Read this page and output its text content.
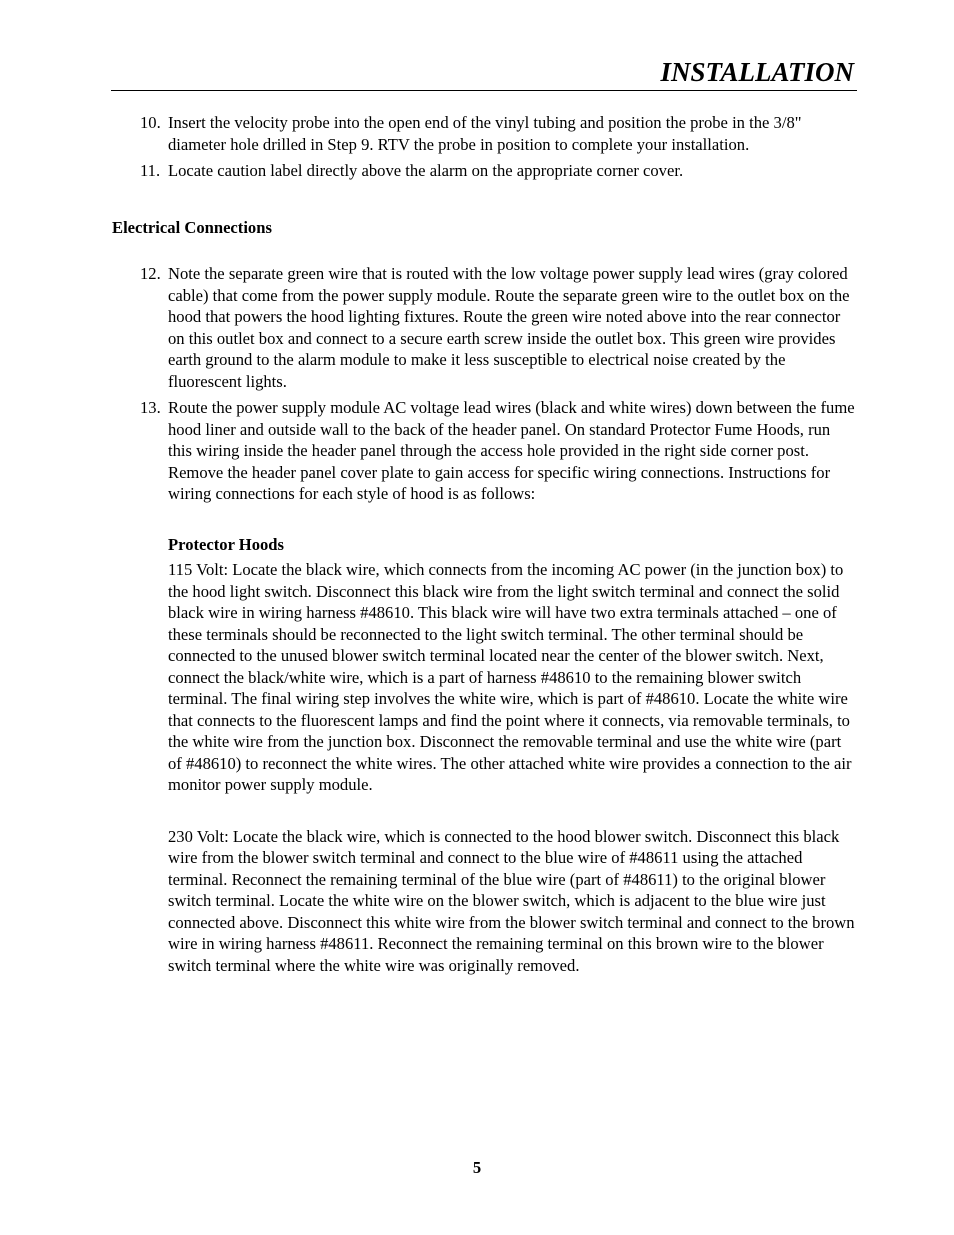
INSTALLATION
10. Insert the velocity probe into the open end of the vinyl tubing and position the probe in the 3/8" diameter hole drilled in Step 9. RTV the probe in position to complete your installation.
11. Locate caution label directly above the alarm on the appropriate corner cover.

Electrical Connections

12. Note the separate green wire that is routed with the low voltage power supply lead wires (gray colored cable) that come from the power supply module. Route the separate green wire to the outlet box on the hood that powers the hood lighting fixtures. Route the green wire noted above into the rear connector on this outlet box and connect to a secure earth screw inside the outlet box. This green wire provides earth ground to the alarm module to make it less susceptible to electrical noise created by the fluorescent lights.
13. Route the power supply module AC voltage lead wires (black and white wires) down between the fume hood liner and outside wall to the back of the header panel. On standard Protector Fume Hoods, run this wiring inside the header panel through the access hole provided in the right side corner post. Remove the header panel cover plate to gain access for specific wiring connections. Instructions for wiring connections for each style of hood is as follows:

Protector Hoods

115 Volt: Locate the black wire, which connects from the incoming AC power (in the junction box) to the hood light switch. Disconnect this black wire from the light switch terminal and connect the solid black wire in wiring harness #48610. This black wire will have two extra terminals attached – one of these terminals should be reconnected to the light switch terminal. The other terminal should be connected to the unused blower switch terminal located near the center of the blower switch. Next, connect the black/white wire, which is a part of harness #48610 to the remaining blower switch terminal. The final wiring step involves the white wire, which is part of #48610. Locate the white wire that connects to the fluorescent lamps and find the point where it connects, via removable terminals, to the white wire from the junction box. Disconnect the removable terminal and use the white wire (part of #48610) to reconnect the white wires. The other attached white wire provides a connection to the air monitor power supply module.

230 Volt: Locate the black wire, which is connected to the hood blower switch. Disconnect this black wire from the blower switch terminal and connect to the blue wire of #48611 using the attached terminal. Reconnect the remaining terminal of the blue wire (part of #48611) to the original blower switch terminal. Locate the white wire on the blower switch, which is adjacent to the blue wire just connected above. Disconnect this white wire from the blower switch terminal and connect to the brown wire in wiring harness #48611. Reconnect the remaining terminal on this brown wire to the blower switch terminal where the white wire was originally removed.

5
